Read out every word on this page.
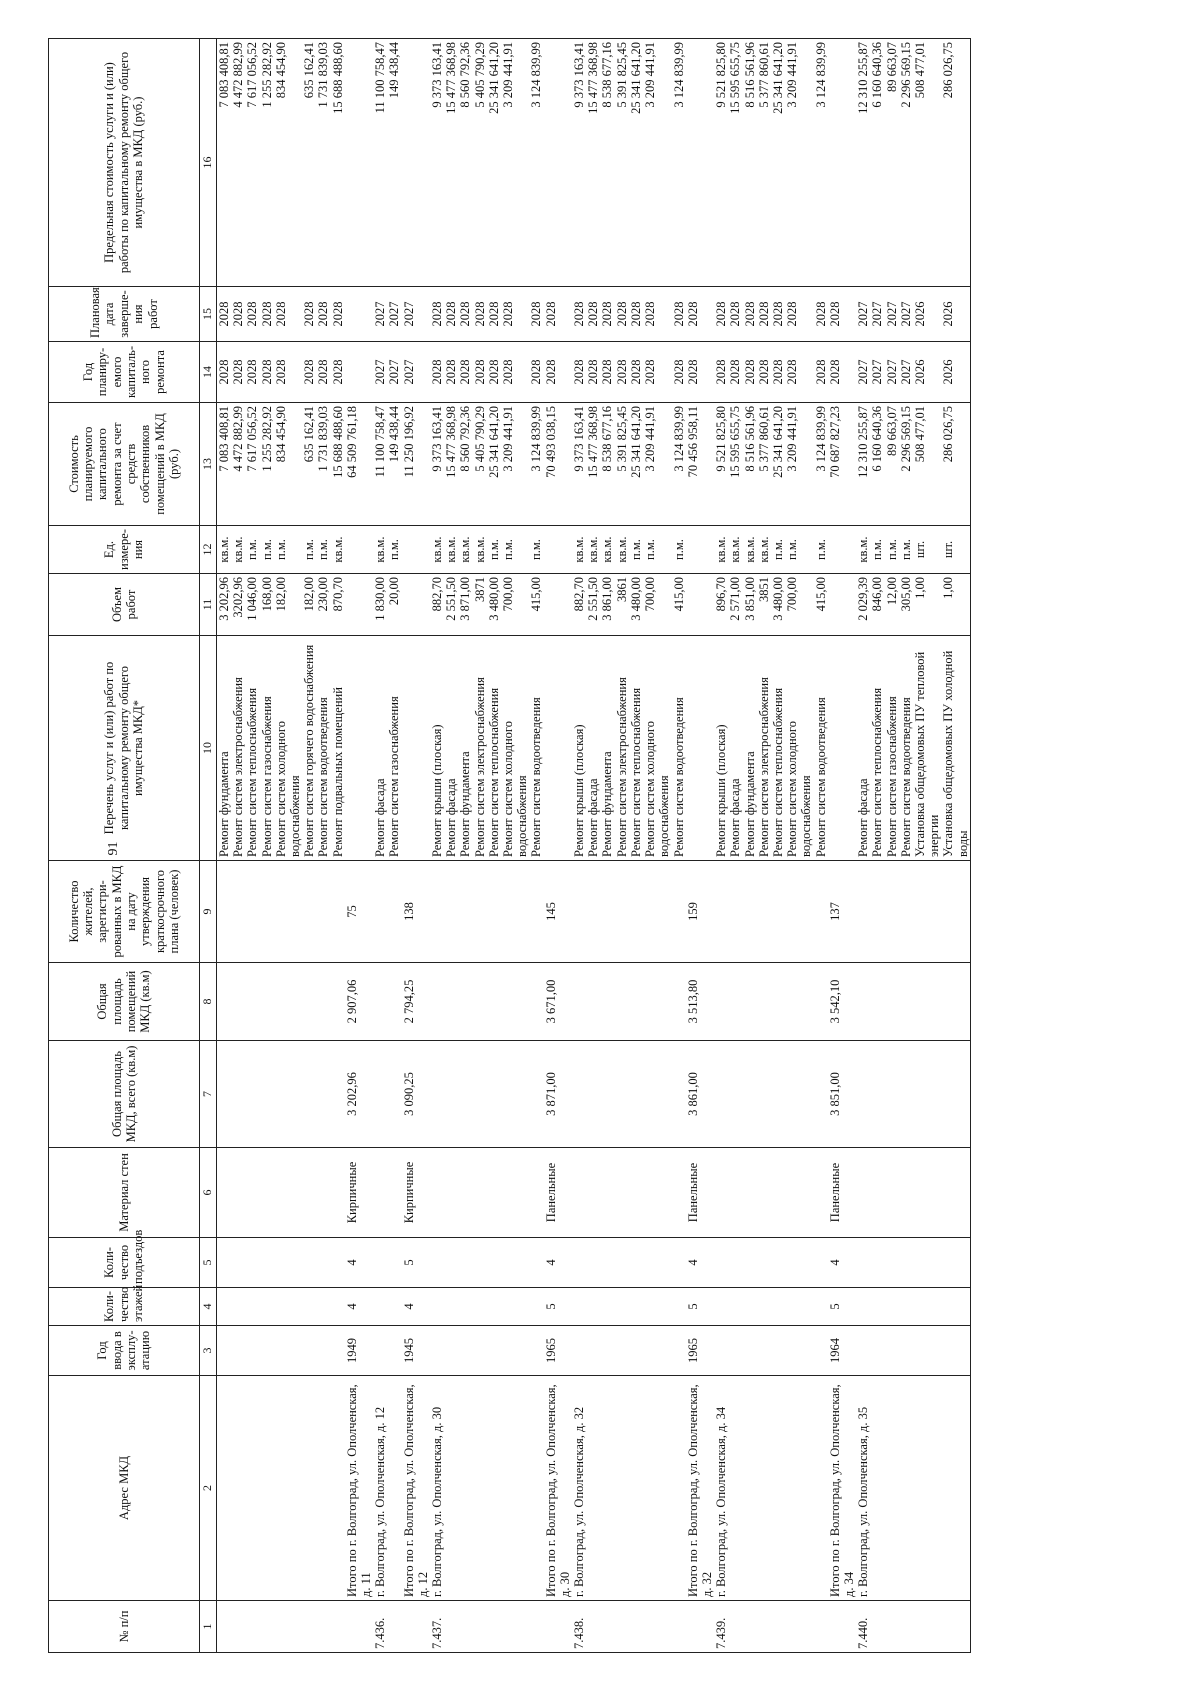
91
№ п/п	Адрес МКД	Год ввода в эксплу-атацию	Коли-чество этажей	Коли-чество подъездов	Материал стен	Общая площадь МКД, всего (кв.м)	Общая площадь помещений МКД (кв.м)	Количество жителей, зарегистри-рованных в МКД на дату утверждения краткосрочного плана (человек)	Перечень услуг и (или) работ по капитальному ремонту общего имущества МКД*	Объем работ	Ед. измере-ния	Стоимость планируемого капитального ремонта за счет средств собственников помещений в МКД (руб.)	Год планиру-емого капиталь-ного ремонта	Плановая дата заверше-ния работ	Предельная стоимость услуги и (или) работы по капитальному ремонту общего имущества в МКД (руб.)
1	2	3	4	5	6	7	8	9	10	11	12	13	14	15	16
									Ремонт фундамента	3 202,96	кв.м.	7 083 408,81	2028	2028	7 083 408,81
									Ремонт систем электроснабжения	3202,96	кв.м.	4 472 882,99	2028	2028	4 472 882,99
									Ремонт систем теплоснабжения	1 046,00	п.м.	7 617 056,52	2028	2028	7 617 056,52
									Ремонт систем газоснабжения	168,00	п.м.	1 255 282,92	2028	2028	1 255 282,92
									Ремонт систем холодного водоснабжения	182,00	п.м.	834 454,90	2028	2028	834 454,90
									Ремонт систем горячего водоснабжения	182,00	п.м.	635 162,41	2028	2028	635 162,41
									Ремонт систем водоотведения	230,00	п.м.	1 731 839,03	2028	2028	1 731 839,03
									Ремонт подвальных помещений	870,70	кв.м.	15 688 488,60	2028	2028	15 688 488,60
	Итого по г. Волгоград, ул. Ополченская, д. 11	1949	4	4	Кирпичные	3 202,96	2 907,06	75				64 509 761,18			
7.436.	г. Волгоград, ул. Ополченская, д. 12								Ремонт фасада	1 830,00	кв.м.	11 100 758,47	2027	2027	11 100 758,47
									Ремонт систем газоснабжения	20,00	п.м.	149 438,44	2027	2027	149 438,44
	Итого по г. Волгоград, ул. Ополченская, д. 12	1945	4	5	Кирпичные	3 090,25	2 794,25	138				11 250 196,92	2027	2027	
7.437.	г. Волгоград, ул. Ополченская, д. 30								Ремонт крыши (плоская)	882,70	кв.м.	9 373 163,41	2028	2028	9 373 163,41
									Ремонт фасада	2 551,50	кв.м.	15 477 368,98	2028	2028	15 477 368,98
									Ремонт фундамента	3 871,00	кв.м.	8 560 792,36	2028	2028	8 560 792,36
									Ремонт систем электроснабжения	3871	кв.м.	5 405 790,29	2028	2028	5 405 790,29
									Ремонт систем теплоснабжения	3 480,00	п.м.	25 341 641,20	2028	2028	25 341 641,20
									Ремонт систем холодного водоснабжения	700,00	п.м.	3 209 441,91	2028	2028	3 209 441,91
									Ремонт систем водоотведения	415,00	п.м.	3 124 839,99	2028	2028	3 124 839,99
	Итого по г. Волгоград, ул. Ополченская, д. 30	1965	5	4	Панельные	3 871,00	3 671,00	145				70 493 038,15	2028	2028	
7.438.	г. Волгоград, ул. Ополченская, д. 32								Ремонт крыши (плоская)	882,70	кв.м.	9 373 163,41	2028	2028	9 373 163,41
									Ремонт фасада	2 551,50	кв.м.	15 477 368,98	2028	2028	15 477 368,98
									Ремонт фундамента	3 861,00	кв.м.	8 538 677,16	2028	2028	8 538 677,16
									Ремонт систем электроснабжения	3861	кв.м.	5 391 825,45	2028	2028	5 391 825,45
									Ремонт систем теплоснабжения	3 480,00	п.м.	25 341 641,20	2028	2028	25 341 641,20
									Ремонт систем холодного водоснабжения	700,00	п.м.	3 209 441,91	2028	2028	3 209 441,91
									Ремонт систем водоотведения	415,00	п.м.	3 124 839,99	2028	2028	3 124 839,99
	Итого по г. Волгоград, ул. Ополченская, д. 32	1965	5	4	Панельные	3 861,00	3 513,80	159				70 456 958,11	2028	2028	
7.439.	г. Волгоград, ул. Ополченская, д. 34								Ремонт крыши (плоская)	896,70	кв.м.	9 521 825,80	2028	2028	9 521 825,80
									Ремонт фасада	2 571,00	кв.м.	15 595 655,75	2028	2028	15 595 655,75
									Ремонт фундамента	3 851,00	кв.м.	8 516 561,96	2028	2028	8 516 561,96
									Ремонт систем электроснабжения	3851	кв.м.	5 377 860,61	2028	2028	5 377 860,61
									Ремонт систем теплоснабжения	3 480,00	п.м.	25 341 641,20	2028	2028	25 341 641,20
									Ремонт систем холодного водоснабжения	700,00	п.м.	3 209 441,91	2028	2028	3 209 441,91
									Ремонт систем водоотведения	415,00	п.м.	3 124 839,99	2028	2028	3 124 839,99
	Итого по г. Волгоград, ул. Ополченская, д. 34	1964	5	4	Панельные	3 851,00	3 542,10	137				70 687 827,23	2028	2028	
7.440.	г. Волгоград, ул. Ополченская, д. 35								Ремонт фасада	2 029,39	кв.м.	12 310 255,87	2027	2027	12 310 255,87
									Ремонт систем теплоснабжения	846,00	п.м.	6 160 640,36	2027	2027	6 160 640,36
									Ремонт систем газоснабжения	12,00	п.м.	89 663,07	2027	2027	89 663,07
									Ремонт систем водоотведения	305,00	п.м.	2 296 569,15	2027	2027	2 296 569,15
									Установка общедомовых ПУ тепловой энергии	1,00	шт.	508 477,01	2026	2026	508 477,01
									Установка общедомовых ПУ холодной воды	1,00	шт.	286 026,75	2026	2026	286 026,75
